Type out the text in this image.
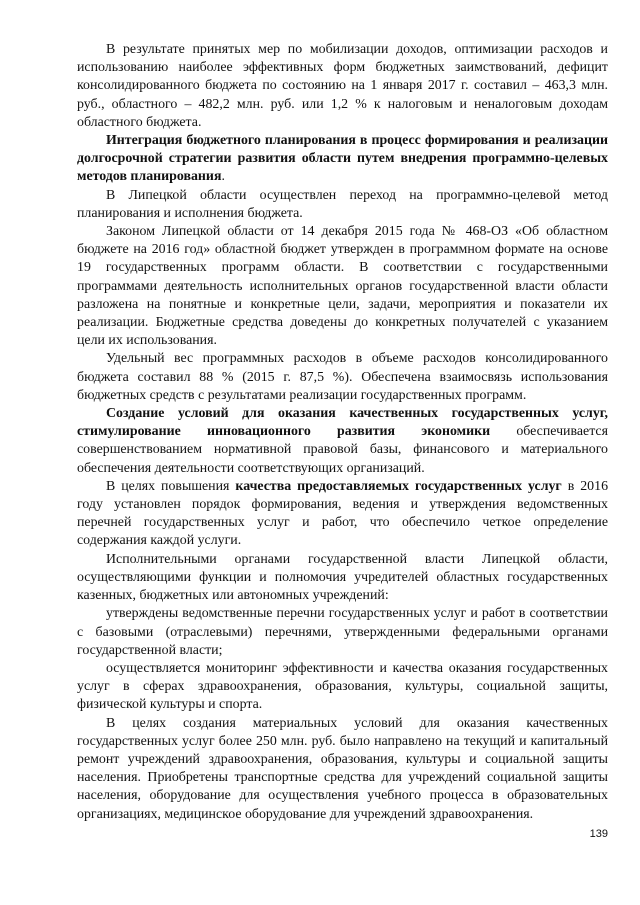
В результате принятых мер по мобилизации доходов, оптимизации расходов и использованию наиболее эффективных форм бюджетных заимствований, дефицит консолидированного бюджета по состоянию на 1 января 2017 г. составил – 463,3 млн. руб., областного – 482,2 млн. руб. или 1,2 % к налоговым и неналоговым доходам областного бюджета.

Интеграция бюджетного планирования в процесс формирования и реализации долгосрочной стратегии развития области путем внедрения программно-целевых методов планирования.

В Липецкой области осуществлен переход на программно-целевой метод планирования и исполнения бюджета.

Законом Липецкой области от 14 декабря 2015 года № 468-ОЗ «Об областном бюджете на 2016 год» областной бюджет утвержден в программном формате на основе 19 государственных программ области. В соответствии с государственными программами деятельность исполнительных органов государственной власти области разложена на понятные и конкретные цели, задачи, мероприятия и показатели их реализации. Бюджетные средства доведены до конкретных получателей с указанием цели их использования.

Удельный вес программных расходов в объеме расходов консолидированного бюджета составил 88 % (2015 г. 87,5 %). Обеспечена взаимосвязь использования бюджетных средств с результатами реализации государственных программ.

Создание условий для оказания качественных государственных услуг, стимулирование инновационного развития экономики обеспечивается совершенствованием нормативной правовой базы, финансового и материального обеспечения деятельности соответствующих организаций.

В целях повышения качества предоставляемых государственных услуг в 2016 году установлен порядок формирования, ведения и утверждения ведомственных перечней государственных услуг и работ, что обеспечило четкое определение содержания каждой услуги.

Исполнительными органами государственной власти Липецкой области, осуществляющими функции и полномочия учредителей областных государственных казенных, бюджетных или автономных учреждений:

утверждены ведомственные перечни государственных услуг и работ в соответствии с базовыми (отраслевыми) перечнями, утвержденными федеральными органами государственной власти;

осуществляется мониторинг эффективности и качества оказания государственных услуг в сферах здравоохранения, образования, культуры, социальной защиты, физической культуры и спорта.

В целях создания материальных условий для оказания качественных государственных услуг более 250 млн. руб. было направлено на текущий и капитальный ремонт учреждений здравоохранения, образования, культуры и социальной защиты населения. Приобретены транспортные средства для учреждений социальной защиты населения, оборудование для осуществления учебного процесса в образовательных организациях, медицинское оборудование для учреждений здравоохранения.

139
